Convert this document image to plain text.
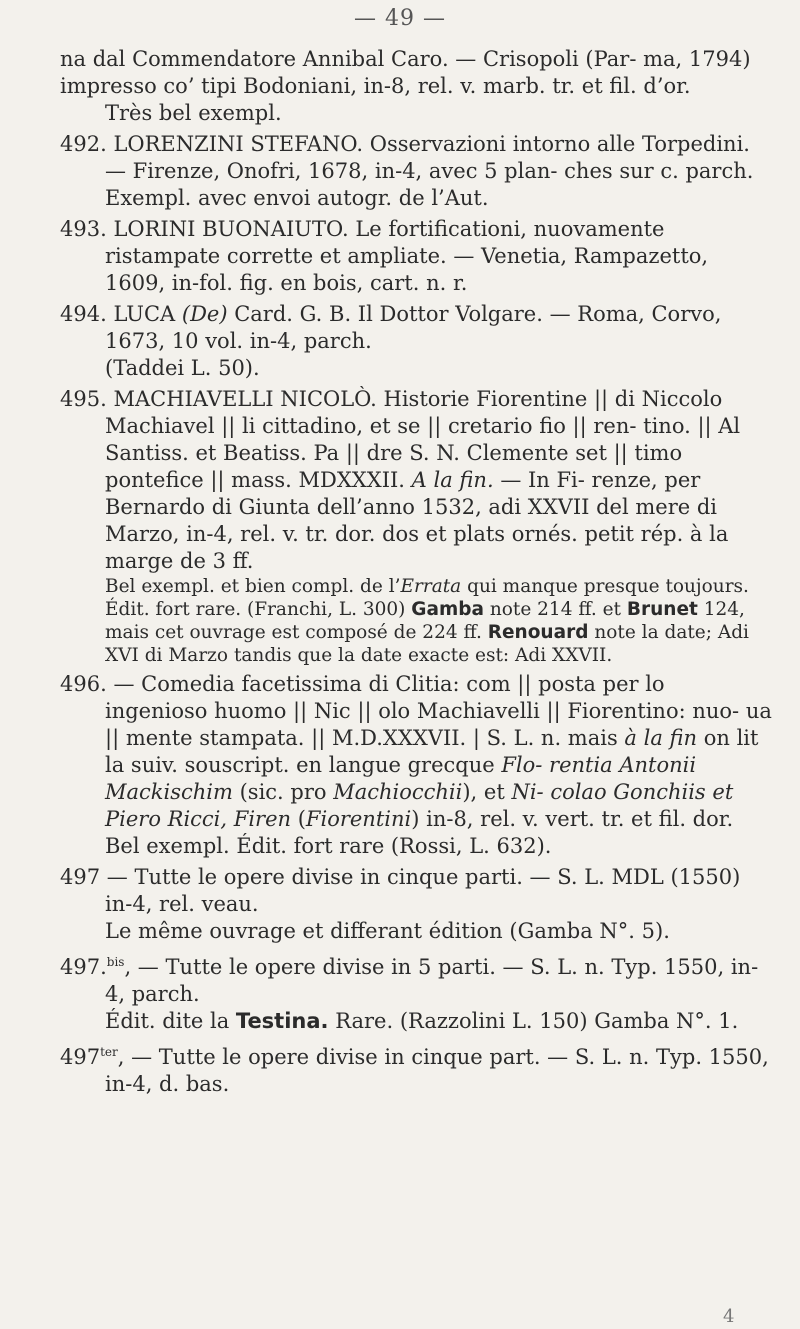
— 49 —

na dal Commendatore Annibal Caro. — Crisopoli (Par- ma, 1794) impresso co’ tipi Bodoniani, in-8, rel. v. marb. tr. et fil. d’or.

Très bel exempl.

492. LORENZINI STEFANO. Osservazioni intorno alle Torpedini. — Firenze, Onofri, 1678, in-4, avec 5 plan- ches sur c. parch.

Exempl. avec envoi autogr. de l’Aut.

493. LORINI BUONAIUTO. Le fortificationi, nuovamente ristampate corrette et ampliate. — Venetia, Rampazetto, 1609, in-fol. fig. en bois, cart. n. r.

494. LUCA (De) Card. G. B. Il Dottor Volgare. — Roma, Corvo, 1673, 10 vol. in-4, parch.

(Taddei L. 50).

495. MACHIAVELLI NICOLÒ. Historie Fiorentine || di Niccolo Machiavel || li cittadino, et se || cretario fio || ren- tino. || Al Santiss. et Beatiss. Pa || dre S. N. Clemente set || timo pontefice || mass. MDXXXII. A la fin. — In Fi- renze, per Bernardo di Giunta dell’anno 1532, adi XXVII del mere di Marzo, in-4, rel. v. tr. dor. dos et plats ornés. petit rép. à la marge de 3 ff.

Bel exempl. et bien compl. de l’Errata qui manque presque toujours. Édit. fort rare. (Franchi, L. 300) Gamba note 214 ff. et Brunet 124, mais cet ouvrage est composé de 224 ff. Renouard note la date; Adi XVI di Marzo tandis que la date exacte est: Adi XXVII.

496. — Comedia facetissima di Clitia: com || posta per lo ingenioso huomo || Nic || olo Machiavelli || Fiorentino: nuo- ua || mente stampata. || M.D.XXXVII. | S. L. n. mais à la fin on lit la suiv. souscript. en langue grecque Flo- rentia Antonii Mackischim (sic. pro Machiocchii), et Ni- colao Gonchiis et Piero Ricci, Firen (Fiorentini) in-8, rel. v. vert. tr. et fil. dor.

Bel exempl. Édit. fort rare (Rossi, L. 632).

497 — Tutte le opere divise in cinque parti. — S. L. MDL (1550) in-4, rel. veau.

Le même ouvrage et differant édition (Gamba N°. 5).

497.$^{bis}$, — Tutte le opere divise in 5 parti. — S. L. n. Typ. 1550, in-4, parch.

Édit. dite la Testina. Rare. (Razzolini L. 150) Gamba N°. 1.

$497^{ter}$, — Tutte le opere divise in cinque part. — S. L. n. Typ. 1550, in-4, d. bas.

4
